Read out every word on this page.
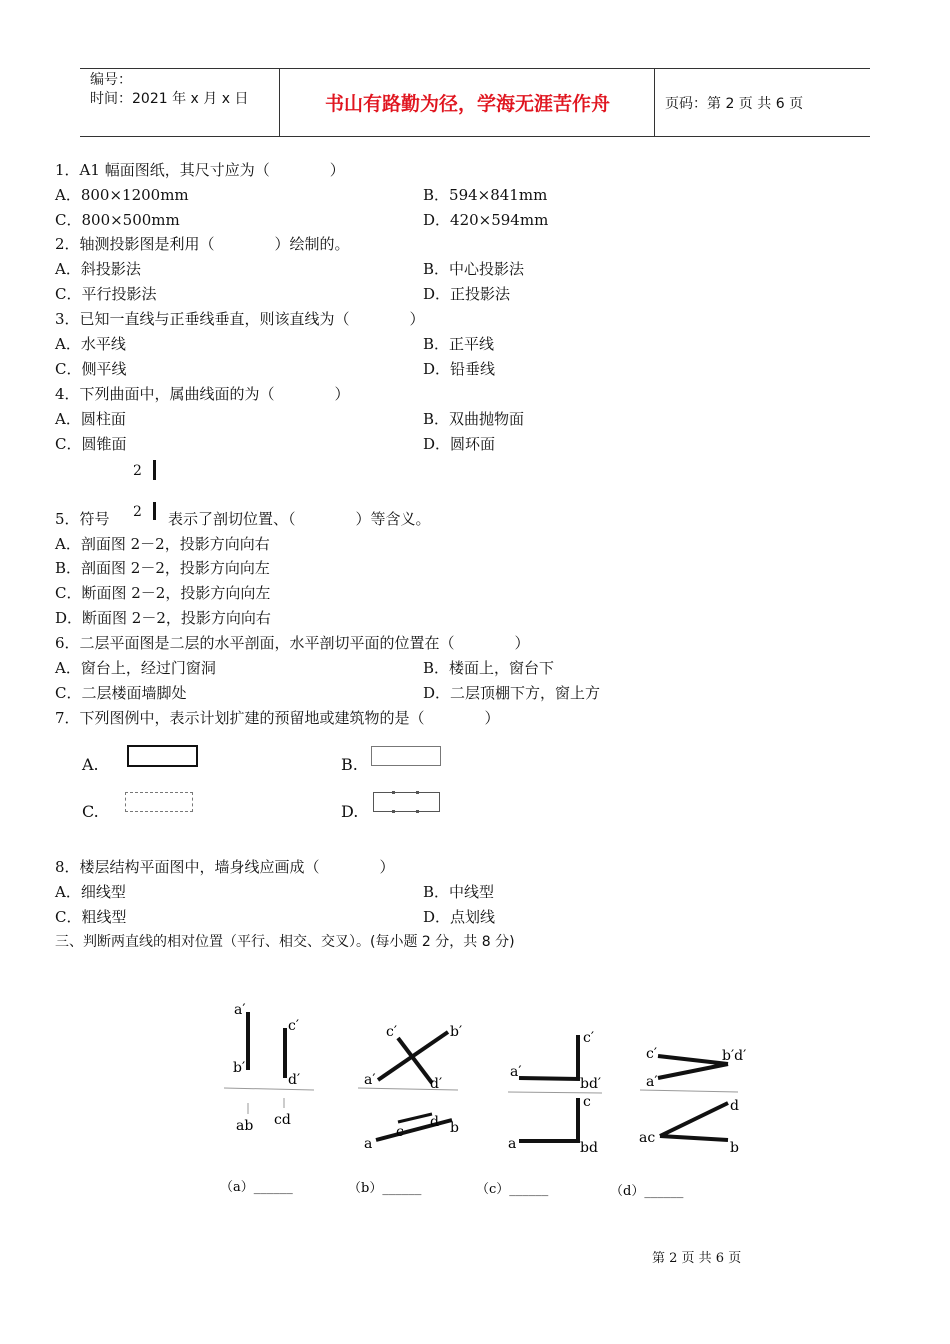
编号：
时间：2021 年 x 月 x 日	书山有路勤为径，学海无涯苦作舟	页码：第 2 页 共 6 页
1．A1 幅面图纸，其尺寸应为（　　　　）
A．800×1200mm	B．594×841mm
C．800×500mm	D．420×594mm
2．轴测投影图是利用（　　　　）绘制的。
A．斜投影法	B．中心投影法
C．平行投影法	D．正投影法
3．已知一直线与正垂线垂直，则该直线为（　　　　）
A．水平线	B．正平线
C．侧平线	D．铅垂线
4．下列曲面中，属曲线面的为（　　　　）
A．圆柱面	B．双曲抛物面
C．圆锥面	D．圆环面
2
2
5．符号	表示了剖切位置、（　　　　）等含义。
A．剖面图 2－2，投影方向向右
B．剖面图 2－2，投影方向向左
C．断面图 2－2，投影方向向左
D．断面图 2－2，投影方向向右
6．二层平面图是二层的水平剖面，水平剖切平面的位置在（　　　　）
A．窗台上，经过门窗洞	B．楼面上，窗台下
C．二层楼面墙脚处	D．二层顶棚下方，窗上方
7．下列图例中，表示计划扩建的预留地或建筑物的是（　　　　）
A.	B.
C.	D.
8．楼层结构平面图中，墙身线应画成（　　　　）
A．细线型	B．中线型
C．粗线型	D．点划线
三、判断两直线的相对位置（平行、相交、交叉）。(每小题 2 分，共 8 分)
a′
b′
c′
d′
ab cd
c′	b′
a′	d′
c
d
a
b
c′
a′
bd′
c
a	bd
c′	b′d′
a′
d
ac
b
（a）______	（b）______	（c）______	（d）______
第 2 页 共 6 页
